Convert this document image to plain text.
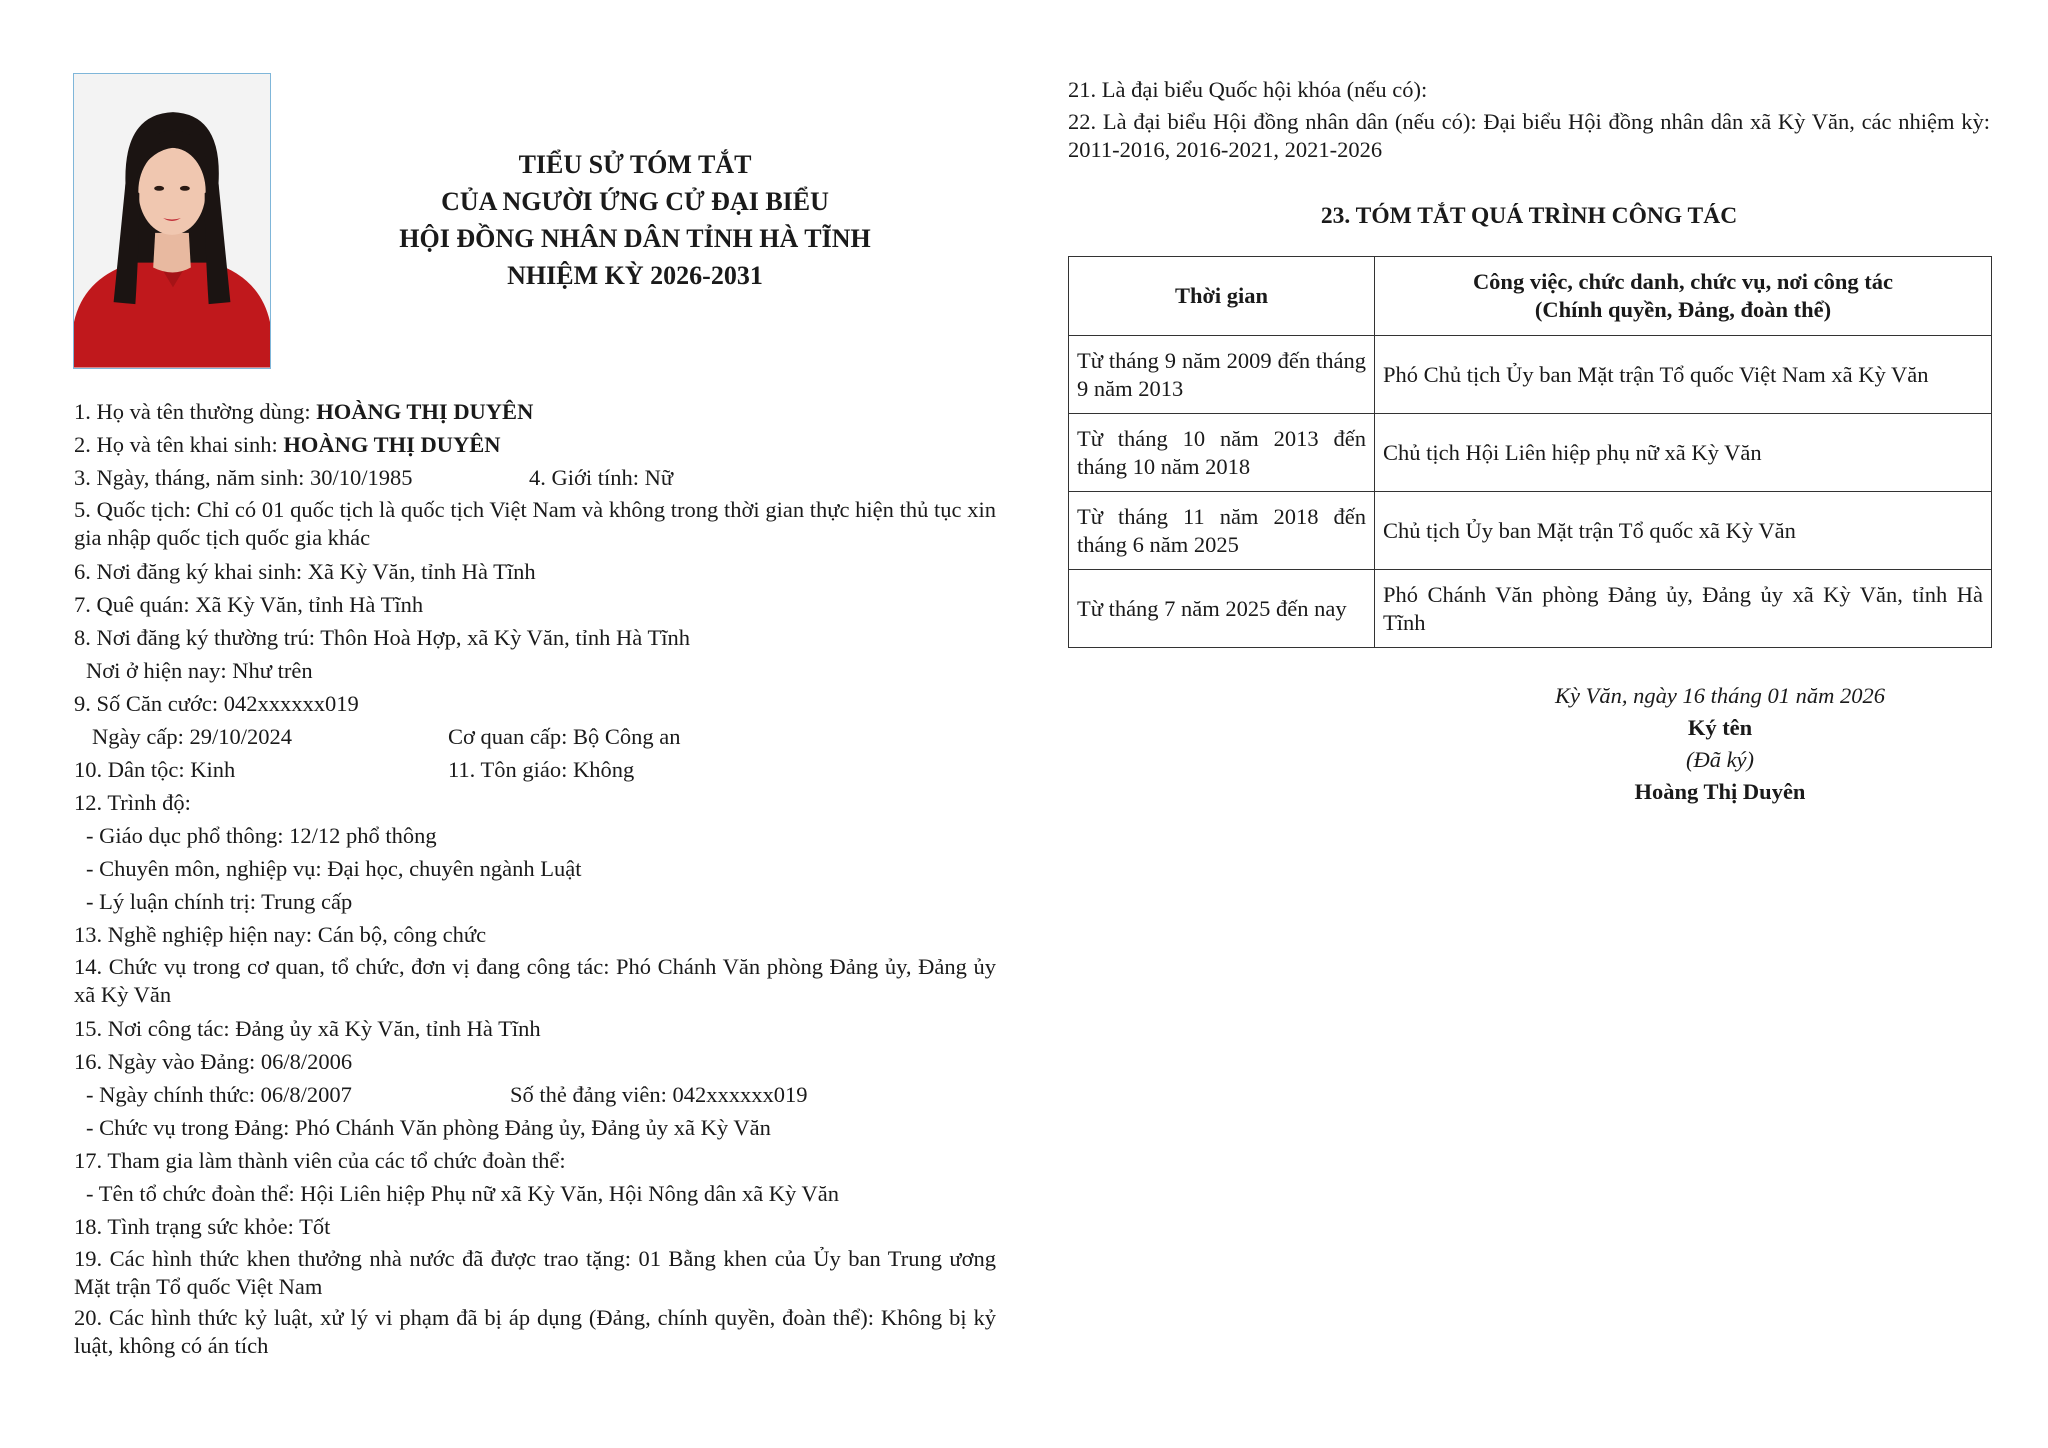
TIỂU SỬ TÓM TẮT
CỦA NGƯỜI ỨNG CỬ ĐẠI BIỂU
HỘI ĐỒNG NHÂN DÂN TỈNH HÀ TĨNH
NHIỆM KỲ 2026-2031
1. Họ và tên thường dùng: HOÀNG THỊ DUYÊN
2. Họ và tên khai sinh: HOÀNG THỊ DUYÊN
3. Ngày, tháng, năm sinh: 30/10/1985	4. Giới tính: Nữ
5. Quốc tịch: Chỉ có 01 quốc tịch là quốc tịch Việt Nam và không trong thời gian thực hiện thủ tục xin gia nhập quốc tịch quốc gia khác
6. Nơi đăng ký khai sinh: Xã Kỳ Văn, tỉnh Hà Tĩnh
7. Quê quán: Xã Kỳ Văn, tỉnh Hà Tĩnh
8. Nơi đăng ký thường trú: Thôn Hoà Hợp, xã Kỳ Văn, tỉnh Hà Tĩnh
Nơi ở hiện nay: Như trên
9. Số Căn cước: 042xxxxxx019
Ngày cấp: 29/10/2024	Cơ quan cấp: Bộ Công an
10. Dân tộc: Kinh	11. Tôn giáo: Không
12. Trình độ:
- Giáo dục phổ thông: 12/12 phổ thông
- Chuyên môn, nghiệp vụ: Đại học, chuyên ngành Luật
- Lý luận chính trị: Trung cấp
13. Nghề nghiệp hiện nay: Cán bộ, công chức
14. Chức vụ trong cơ quan, tổ chức, đơn vị đang công tác: Phó Chánh Văn phòng Đảng ủy, Đảng ủy xã Kỳ Văn
15. Nơi công tác: Đảng ủy xã Kỳ Văn, tỉnh Hà Tĩnh
16. Ngày vào Đảng: 06/8/2006
- Ngày chính thức: 06/8/2007	Số thẻ đảng viên: 042xxxxxx019
- Chức vụ trong Đảng: Phó Chánh Văn phòng Đảng ủy, Đảng ủy xã Kỳ Văn
17. Tham gia làm thành viên của các tổ chức đoàn thể:
- Tên tổ chức đoàn thể: Hội Liên hiệp Phụ nữ xã Kỳ Văn, Hội Nông dân xã Kỳ Văn
18. Tình trạng sức khỏe: Tốt
19. Các hình thức khen thưởng nhà nước đã được trao tặng: 01 Bằng khen của Ủy ban Trung ương Mặt trận Tổ quốc Việt Nam
20. Các hình thức kỷ luật, xử lý vi phạm đã bị áp dụng (Đảng, chính quyền, đoàn thể): Không bị kỷ luật, không có án tích
21. Là đại biểu Quốc hội khóa (nếu có):
22. Là đại biểu Hội đồng nhân dân (nếu có): Đại biểu Hội đồng nhân dân xã Kỳ Văn, các nhiệm kỳ: 2011-2016, 2016-2021, 2021-2026
23. TÓM TẮT QUÁ TRÌNH CÔNG TÁC
Thời gian	Công việc, chức danh, chức vụ, nơi công tác
(Chính quyền, Đảng, đoàn thể)

Từ tháng 9 năm 2009 đến tháng 9 năm 2013	Phó Chủ tịch Ủy ban Mặt trận Tổ quốc Việt Nam xã Kỳ Văn
Từ tháng 10 năm 2013 đến tháng 10 năm 2018	Chủ tịch Hội Liên hiệp phụ nữ xã Kỳ Văn
Từ tháng 11 năm 2018 đến tháng 6 năm 2025	Chủ tịch Ủy ban Mặt trận Tổ quốc xã Kỳ Văn
Từ tháng 7 năm 2025 đến nay	Phó Chánh Văn phòng Đảng ủy, Đảng ủy xã Kỳ Văn, tỉnh Hà Tĩnh
Kỳ Văn, ngày 16 tháng 01 năm 2026
Ký tên
(Đã ký)
Hoàng Thị Duyên
